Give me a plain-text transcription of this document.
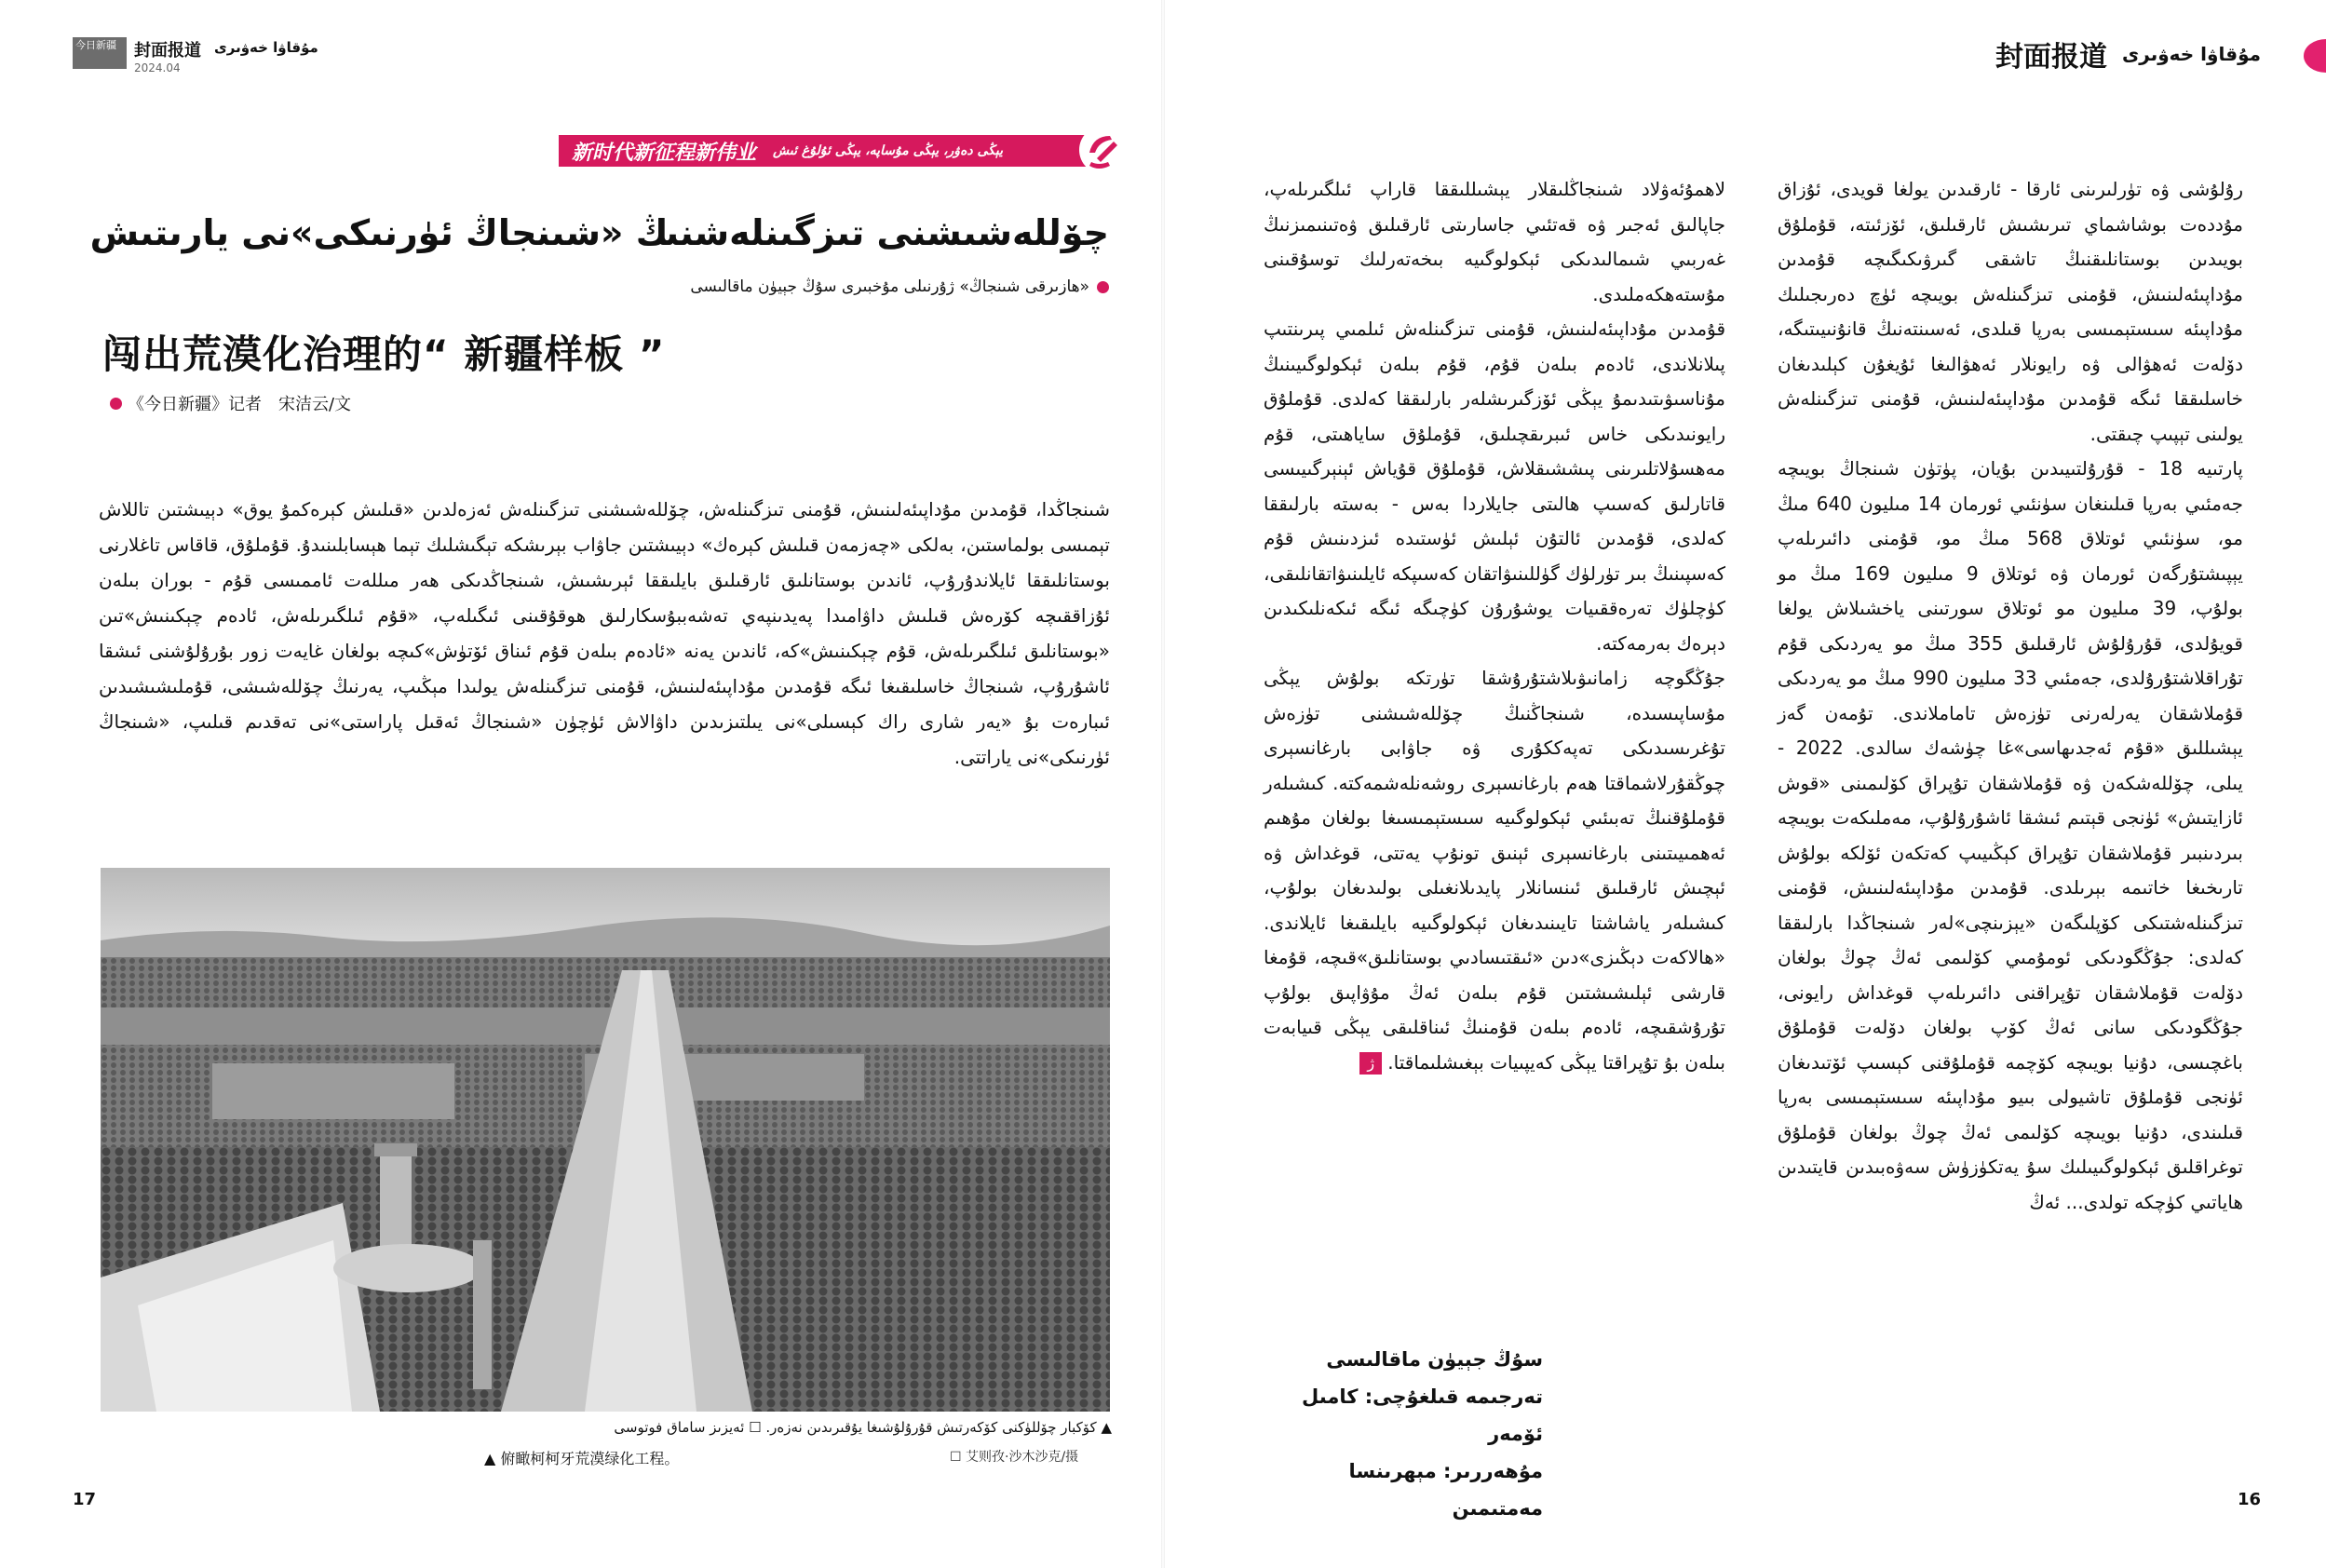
今日新疆	封面报道
2024.04
مۇقاۋا خەۋىرى
新时代新征程新伟业 يېڭى دەۋر، يېڭى مۇساپە، يېڭى ئۇلۇغ ئىش
چۆللەشىشنى تىزگىنلەشنىڭ «شىنجاڭ ئۈرنىكى»نى يارىتىش
«ھازىرقى شىنجاڭ» ژۇرنىلى مۇخبىرى سۇڭ جېيۈن ماقالىسى
闯出荒漠化治理的“ 新疆样板 ”
《今日新疆》记者　宋洁云/文
شىنجاڭدا، قۇمدىن مۇداپىئەلىنىش، قۇمنى تىزگىنلەش، چۆللەشىشنى تىزگىنلەش ئەزەلدىن «قىلىش كېرەكمۇ يوق» دېيىشتىن تاللاش تېمىسى بولماستىن، بەلكى «چەزمەن قىلىش كېرەك» دېيىشتىن جاۋاب بېرىشكە تېگىشلىك تېما ھېسابلىنىدۇ. قۇملۇق، قاقاس تاغلارنى بوستانلىققا ئايلاندۇرۇپ، ئاندىن بوستانلىق ئارقىلىق بايلىققا ئېرىشىش، شىنجاڭدىكى ھەر مىللەت ئاممىسى قۇم - بوران بىلەن ئۇزاققىچە كۆرەش قىلىش داۋامىدا پەيدىنپەي تەشەببۇسكارلىق ھوقۇقىنى ئىگىلەپ، «قۇم ئىلگىرىلەش، ئادەم چېكىنىش»تىن «بوستانلىق ئىلگىرىلەش، قۇم چېكىنىش»كە، ئاندىن يەنە «ئادەم بىلەن قۇم ئىناق ئۆتۈش»كىچە بولغان غايەت زور بۇرۇلۇشنى ئىشقا ئاشۇرۇپ، شىنجاڭ خاسلىقىغا ئىگە قۇمدىن مۇداپىئەلىنىش، قۇمنى تىزگىنلەش يولىدا مېڭىپ، يەرنىڭ چۆللەشىشى، قۇملىشىشىدىن ئىبارەت بۇ «يەر شارى راك كېسىلى»نى يىلتىزىدىن داۋالاش ئۈچۈن «شىنجاڭ ئەقىل پاراستى»نى تەقدىم قىلىپ، «شىنجاڭ ئۈرنىكى»نى ياراتتى.
▲ كۆكبار چۆللۈكنى كۆكەرتىش قۇرۇلۇشىغا يۇقىرىدىن نەزەر. ☐ ئەيزىز ساماق فوتوسى
▲ 俯瞰柯柯牙荒漠绿化工程。	☐ 艾则孜·沙木沙克/摄
17
封面报道 مۇقاۋا خەۋىرى
لاھمۇئەۋلاد شىنجاڭلىقلار يېشىللىققا قاراپ ئىلگىرىلەپ، جاپالىق ئەجىر ۋە قەتئىي جاسارىتى ئارقىلىق ۋەتىنىمىزنىڭ غەربىي شىمالىدىكى ئېكولوگىيە بىخەتەرلىك توسۇقىنى مۇستەھكەملىدى.
قۇمدىن مۇداپىئەلىنىش، قۇمنى تىزگىنلەش ئىلمىي پىرىنتىپ پىلانلاندى، ئادەم بىلەن قۇم، قۇم بىلەن ئېكولوگىيىنىڭ مۇناسىۋىتىدىمۇ يېڭى ئۆزگىرىشلەر بارلىققا كەلدى. قۇملۇق رايونىدىكى خاس ئىبرىقچىلىق، قۇملۇق ساياھىتى، قۇم مەھسۇلاتلىرىنى پىششىقلاش، قۇملۇق قۇياش ئېنېرگىيىسى قاتارلىق كەسىپ ھالىتى جايلاردا بەس - بەستە بارلىققا كەلدى، قۇمدىن ئالتۇن ئېلىش ئۈستىدە ئىزدىنىش قۇم كەسپىنىڭ بىر تۈرلۈك گۈللىنىۋاتقان كەسىپكە ئايلىنىۋاتقانلىقى، كۈچلۈك تەرەققىيات يوشۇرۇن كۈچىگە ئىگە ئىكەنلىكىدىن دېرەك بەرمەكتە.
جۇڭگوچە زامانىۋىلاشتۇرۇشقا تۈرتكە بولۇش يېڭى مۇساپىسىدە، شىنجاڭنىڭ چۆللەشىشنى تۈزەش تۇغرىسىدىكى تەپەككۇرى ۋە جاۋابى بارغانسېرى چوڭقۇرلاشماقتا ھەم بارغانسېرى روشەنلەشمەكتە. كىشىلەر قۇملۇقنىڭ تەبىئىي ئېكولوگىيە سىستېمىسىغا بولغان مۇھىم ئەھمىيىتىنى بارغانسېرى ئېنىق تونۇپ يەتتى، قوغداش ۋە ئېچىش ئارقىلىق ئىنسانلار پايدىلانغىلى بولىدىغان بولۇپ، كىشىلەر ياشاشتا تايىنىدىغان ئېكولوگىيە بايلىقىغا ئايلاندى. «ھالاكەت دېڭىزى»دىن «ئىقتىسادىي بوستانلىق»قىچە، قۇمغا قارشى ئېلىشىشتىن قۇم بىلەن ئەڭ مۇۋاپىق بولۇپ تۇرۇشقىچە، ئادەم بىلەن قۇمنىڭ ئىناقلىقى يېڭى قىيابەت بىلەن بۇ تۇپراقتا يېڭى كەيپىيات بېغىشلىماقتا.ژ
رۇلۇشى ۋە تۈرلىرىنى ئارقا - ئارقىدىن يولغا قويدى، ئۇزاق مۇددەت بوشاشماي تىرىشىش ئارقىلىق، ئۆزئىتە، قۇملۇق بويىدىن بوستانلىقنىڭ تاشقى گىرۋىكىگىچە قۇمدىن مۇداپىئەلىنىش، قۇمنى تىزگىنلەش بويىچە ئۈچ دەرىجىلىك مۇداپىئە سىستېمىسى بەرپا قىلدى، ئەسىنتەنىڭ قانۇنىيىتىگە، دۆلەت ئەھۋالى ۋە رايونلار ئەھۋالىغا ئۇيغۇن كېلىدىغان خاسلىققا ئىگە قۇمدىن مۇداپىئەلىنىش، قۇمنى تىزگىنلەش يولىنى تېپىپ چىقتى.
پارتىيە 18 - قۇرۇلتىيىدىن بۇيان، پۈتۈن شىنجاڭ بويىچە جەمئىي بەرپا قىلىنغان سۈنئىي ئورمان 14 مىليون 640 مىڭ مو، سۈنئىي ئوتلاق 568 مىڭ مو، قۇمنى دائىرىلەپ يېپىشتۇرگەن ئورمان ۋە ئوتلاق 9 مىليون 169 مىڭ مو بولۇپ، 39 مىليون مو ئوتلاق سورتىنى ياخشىلاش يولغا قويۇلدى، قۇرۇلۇش ئارقىلىق 355 مىڭ مو يەردىكى قۇم تۇراقلاشتۇرۇلدى، جەمئىي 33 مىليون 990 مىڭ مو يەردىكى قۇملاشقان يەرلەرنى تۈزەش تاماملاندى. تۇمەن گەز يېشىللىق «قۇم ئەجدىھاسى»غا چۈشەك سالدى. 2022 - يىلى، چۆللەشكەن ۋە قۇملاشقان تۇپراق كۆلىمىنى «قوش ئازايتىش» ئۈنجى قېتىم ئىشقا ئاشۇرۇلۇپ، مەملىكەت بويىچە بىردىنبىر قۇملاشقان تۇپراق كېڭىيىپ كەتكەن ئۆلكە بولۇش تارىخىغا خاتىمە بېرىلدى. قۇمدىن مۇداپىئەلىنىش، قۇمنى تىزگىنلەشتىكى كۆپلىگەن «يېزىنچى»لەر شىنجاڭدا بارلىققا كەلدى: جۇڭگودىكى ئومۇمىي كۆلىمى ئەڭ چوڭ بولغان دۆلەت قۇملاشقان تۇپراقنى دائىرىلەپ قوغداش رايونى، جۇڭگودىكى سانى ئەڭ كۆپ بولغان دۆلەت قۇملۇق باغچىسى، دۇنيا بويىچە كۆچمە قۇملۇقنى كېسىپ ئۆتىدىغان ئۈنجى قۇملۇق تاشيولى بىيو مۇداپىئە سىستېمىسى بەرپا قىلىندى، دۇنيا بويىچە كۆلىمى ئەڭ چوڭ بولغان قۇملۇق توغراقلىق ئېكولوگىيىلىك سۇ يەتكۈزۈش سەۋەبىدىن قايتىدىن ھاياتىي كۈچكە تولدى... ئەڭ
سۇڭ جېيۈن ماقالىسى
تەرجىمە قىلغۇچى: كامىل ئۆمەر
مۇھەررىر: مېھرىنسا مەمتىمىن	16
